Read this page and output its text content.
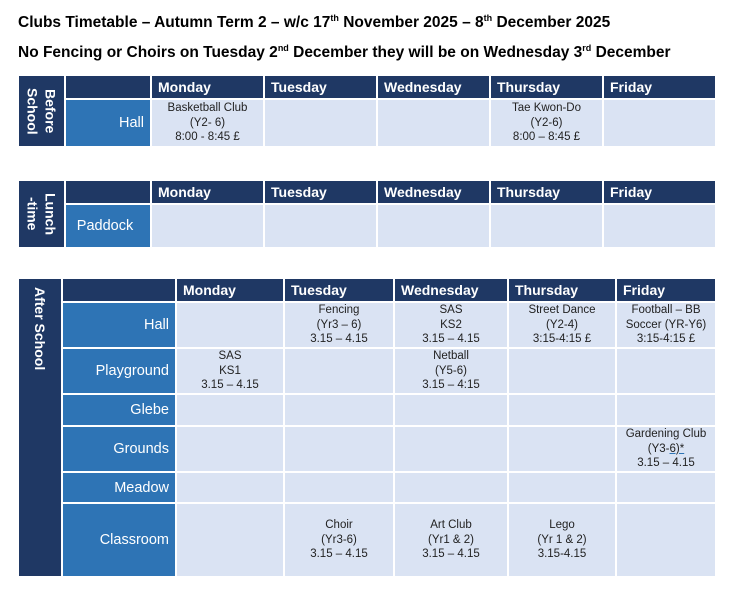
Clubs Timetable – Autumn Term 2 – w/c 17th November 2025 – 8th December 2025
No Fencing or Choirs on Tuesday 2nd December they will be on Wednesday 3rd December
Before
School		Monday	Tuesday	Wednesday	Thursday	Friday
	Hall	Basketball Club
(Y2- 6)
8:00 - 8:45 £			Tae Kwon-Do
(Y2-6)
8:00 – 8:45 £	

Lunch
-time		Monday	Tuesday	Wednesday	Thursday	Friday
	Paddock					
After School		Monday	Tuesday	Wednesday	Thursday	Friday
	Hall		Fencing
(Yr3 – 6)
3.15 – 4.15	SAS
KS2
3.15 – 4.15	Street Dance
(Y2-4)
3:15-4:15 £	Football – BB
Soccer (YR-Y6)
3:15-4:15 £

	Playground	SAS
KS1
3.15 – 4.15		Netball
(Y5-6)
3.15 – 4:15		

	Glebe					
	Grounds					Gardening Club
(Y3-6)*
3.15 – 4.15

	Meadow					
	Classroom		Choir
(Yr3-6)
3.15 – 4.15	Art Club
(Yr1 & 2)
3.15 – 4.15	Lego
(Yr 1 & 2)
3.15-4.15	
